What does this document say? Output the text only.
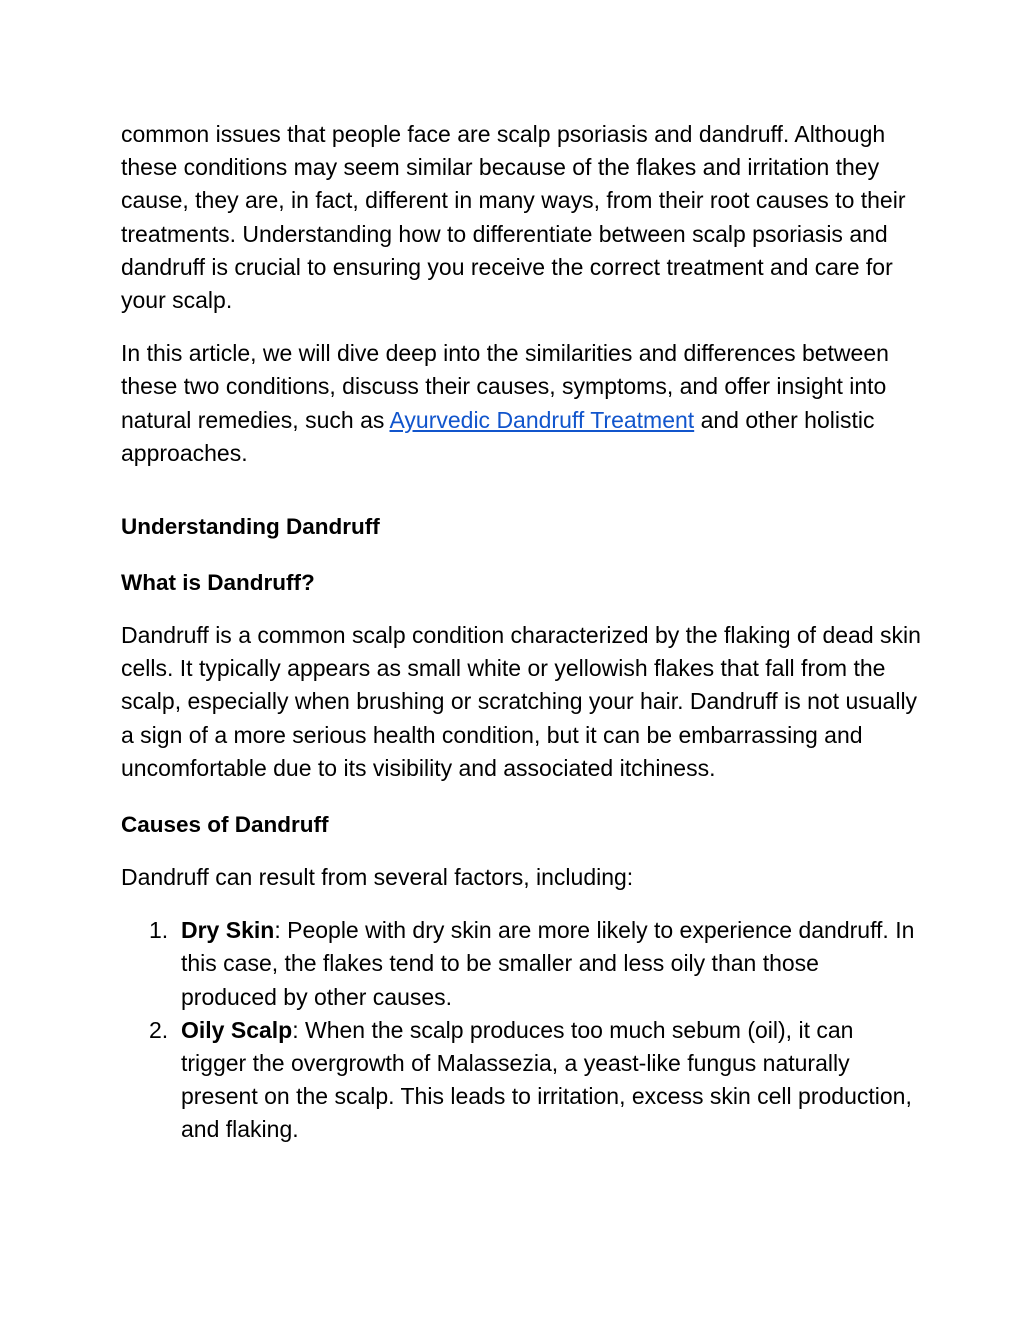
common issues that people face are scalp psoriasis and dandruff. Although these conditions may seem similar because of the flakes and irritation they cause, they are, in fact, different in many ways, from their root causes to their treatments. Understanding how to differentiate between scalp psoriasis and dandruff is crucial to ensuring you receive the correct treatment and care for your scalp.

In this article, we will dive deep into the similarities and differences between these two conditions, discuss their causes, symptoms, and offer insight into natural remedies, such as Ayurvedic Dandruff Treatment and other holistic approaches.

Understanding Dandruff
What is Dandruff?

Dandruff is a common scalp condition characterized by the flaking of dead skin cells. It typically appears as small white or yellowish flakes that fall from the scalp, especially when brushing or scratching your hair. Dandruff is not usually a sign of a more serious health condition, but it can be embarrassing and uncomfortable due to its visibility and associated itchiness.

Causes of Dandruff

Dandruff can result from several factors, including:

1. Dry Skin: People with dry skin are more likely to experience dandruff. In this case, the flakes tend to be smaller and less oily than those produced by other causes.
2. Oily Scalp: When the scalp produces too much sebum (oil), it can trigger the overgrowth of Malassezia, a yeast-like fungus naturally present on the scalp. This leads to irritation, excess skin cell production, and flaking.
